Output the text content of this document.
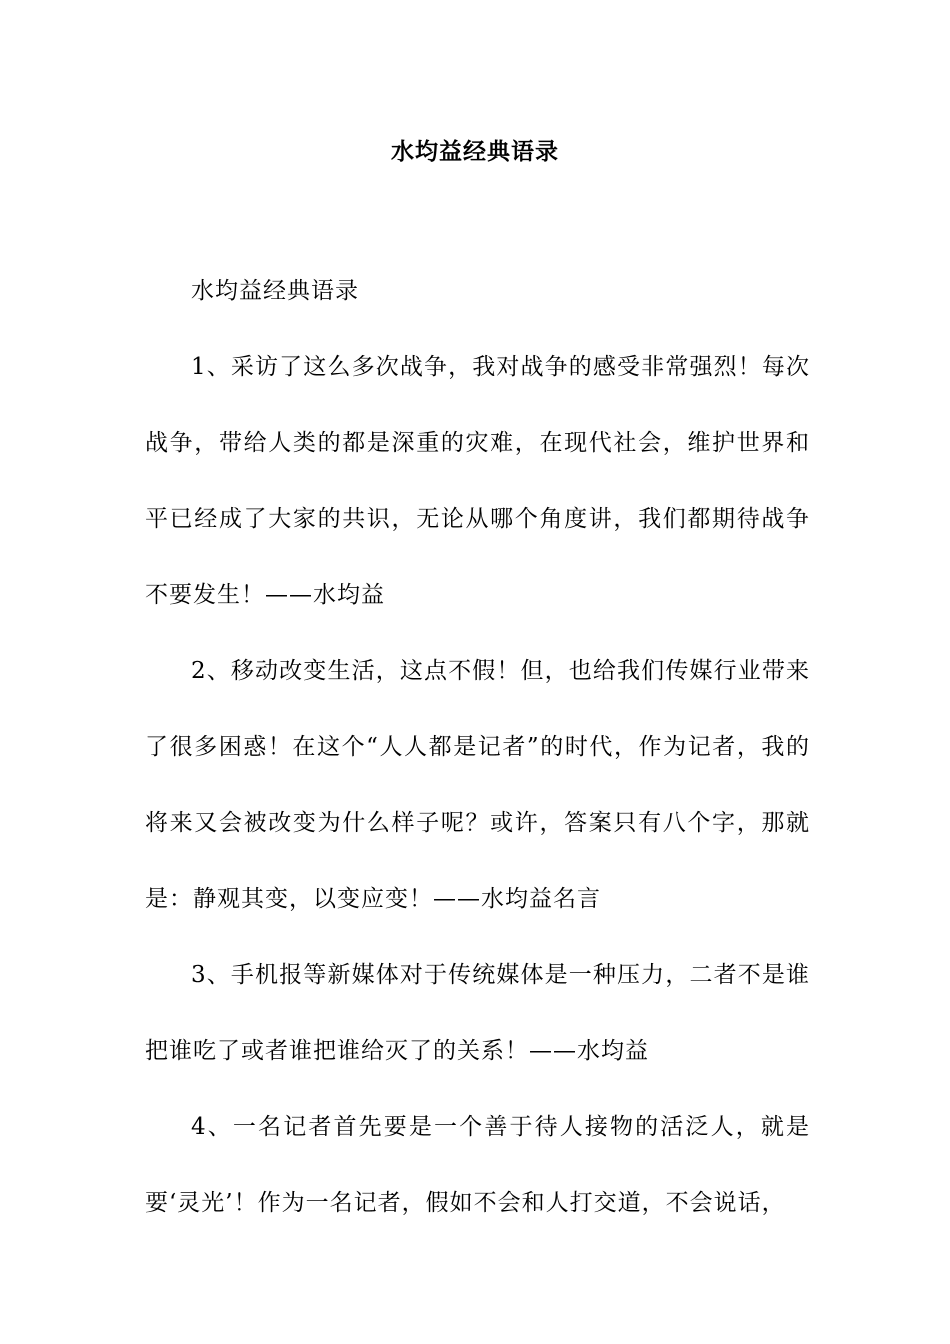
水均益经典语录

水均益经典语录

1、采访了这么多次战争，我对战争的感受非常强烈！每次战争，带给人类的都是深重的灾难，在现代社会，维护世界和平已经成了大家的共识，无论从哪个角度讲，我们都期待战争不要发生！——水均益

2、移动改变生活，这点不假！但，也给我们传媒行业带来了很多困惑！在这个“人人都是记者”的时代，作为记者，我的将来又会被改变为什么样子呢？或许，答案只有八个字，那就是：静观其变，以变应变！——水均益名言

3、手机报等新媒体对于传统媒体是一种压力，二者不是谁把谁吃了或者谁把谁给灭了的关系！——水均益

4、一名记者首先要是一个善于待人接物的活泛人，就是要‘灵光’！作为一名记者，假如不会和人打交道，不会说话，
